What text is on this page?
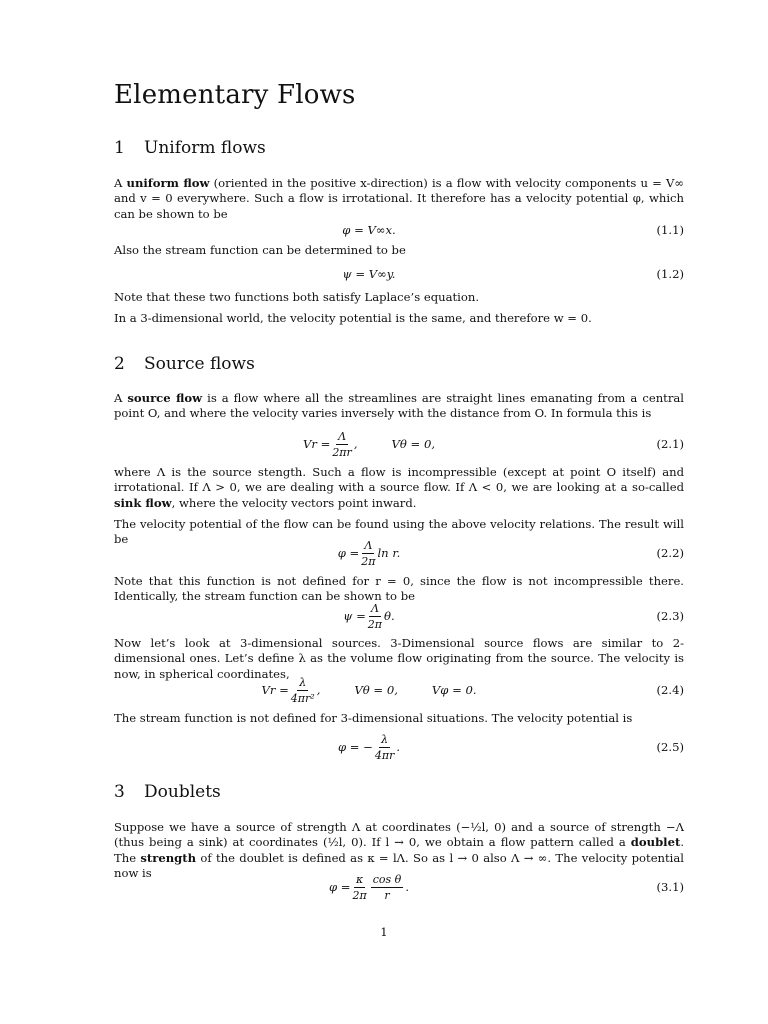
Elementary Flows
1 Uniform flows

A uniform flow (oriented in the positive x-direction) is a flow with velocity components u = V∞ and v = 0 everywhere. Such a flow is irrotational. It therefore has a velocity potential φ, which can be shown to be

φ = V∞x.	(1.1)

Also the stream function can be determined to be

ψ = V∞y.	(1.2)

Note that these two functions both satisfy Laplace’s equation.

In a 3-dimensional world, the velocity potential is the same, and therefore w = 0.

2 Source flows

A source flow is a flow where all the streamlines are straight lines emanating from a central point O, and where the velocity varies inversely with the distance from O. In formula this is

$Vr = \frac{\Lambda}{2\pi r}$ ,	Vθ = 0,	(2.1)

where Λ is the source stength. Such a flow is incompressible (except at point O itself) and irrotational. If Λ > 0, we are dealing with a source flow. If Λ < 0, we are looking at a so-called sink flow, where the velocity vectors point inward.

The velocity potential of the flow can be found using the above velocity relations. The result will be

$\varphi = \frac{\Lambda}{2\pi}$ ln r.	(2.2)

Note that this function is not defined for r = 0, since the flow is not incompressible there. Identically, the stream function can be shown to be

$\psi = \frac{\Lambda}{2\pi} \theta$.	(2.3)

Now let’s look at 3-dimensional sources. 3-Dimensional source flows are similar to 2-dimensional ones. Let’s define λ as the volume flow originating from the source. The velocity is now, in spherical coordinates,

$Vr = \frac{\lambda}{\text{4πr²}}$ ,	Vθ = 0,	Vφ = 0.	(2.4)

The stream function is not defined for 3-dimensional situations. The velocity potential is

φ = − $\frac{\lambda}{4\pi r}$ .	(2.5)
3 Doublets

Suppose we have a source of strength Λ at coordinates (−½l, 0) and a source of strength −Λ (thus being a sink) at coordinates (½l, 0). If l → 0, we obtain a flow pattern called a doublet. The strength of the doublet is defined as κ = lΛ. So as l → 0 also Λ → ∞. The velocity potential now is

$\varphi = \frac{\kappa}{2\pi} \frac{\text{cos θ}}{r}$ .	(3.1)
1
